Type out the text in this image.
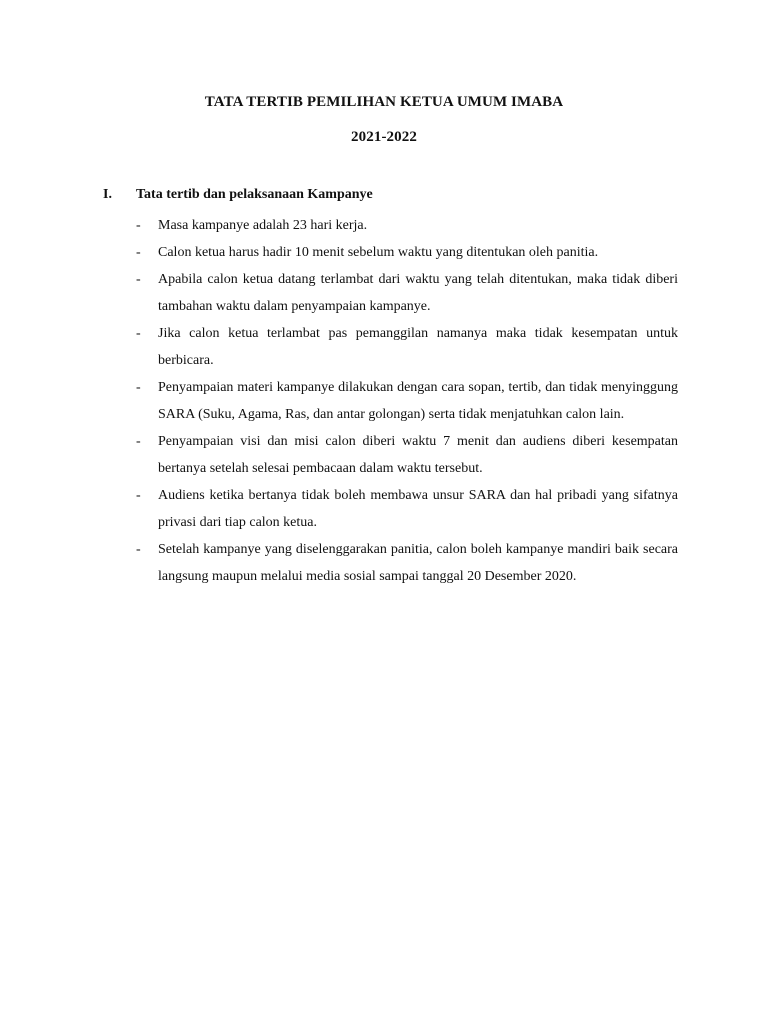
TATA TERTIB PEMILIHAN KETUA UMUM IMABA
2021-2022
I. Tata tertib dan pelaksanaan Kampanye
- Masa kampanye adalah 23 hari kerja.
- Calon ketua harus hadir 10 menit sebelum waktu yang ditentukan oleh panitia.
- Apabila calon ketua datang terlambat dari waktu yang telah ditentukan, maka tidak diberi tambahan waktu dalam penyampaian kampanye.
- Jika calon ketua terlambat pas pemanggilan namanya maka tidak kesempatan untuk berbicara.
- Penyampaian materi kampanye dilakukan dengan cara sopan, tertib, dan tidak menyinggung SARA (Suku, Agama, Ras, dan antar golongan) serta tidak menjatuhkan calon lain.
- Penyampaian visi dan misi calon diberi waktu 7 menit dan audiens diberi kesempatan bertanya setelah selesai pembacaan dalam waktu tersebut.
- Audiens ketika bertanya tidak boleh membawa unsur SARA dan hal pribadi yang sifatnya privasi dari tiap calon ketua.
- Setelah kampanye yang diselenggarakan panitia, calon boleh kampanye mandiri baik secara langsung maupun melalui media sosial sampai tanggal 20 Desember 2020.
